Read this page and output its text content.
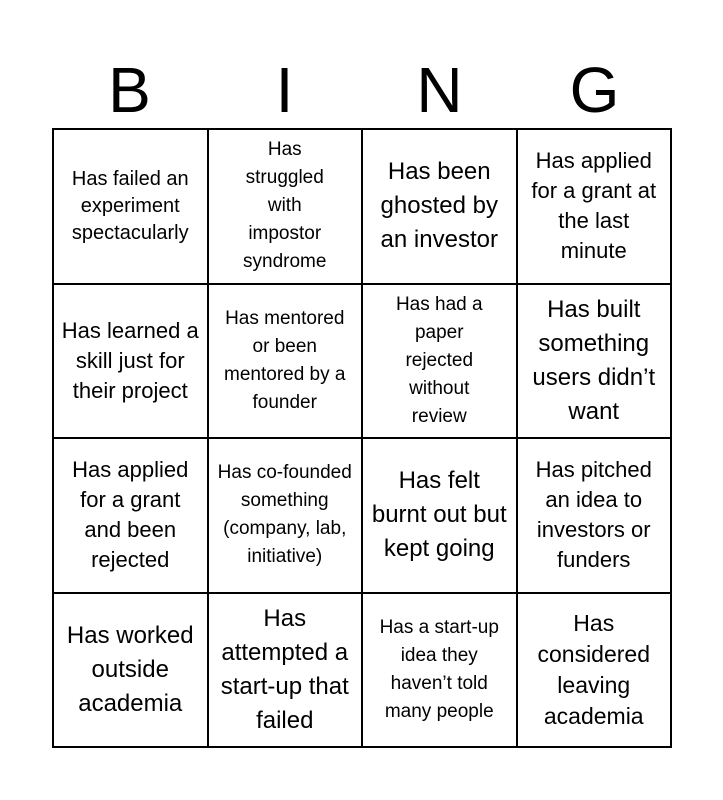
B	I	N	G
Has failed an experiment spectacularly
Has struggled with impostor syndrome
Has been ghosted by an investor
Has applied for a grant at the last minute
Has learned a skill just for their project
Has mentored or been mentored by a founder
Has had a paper rejected without review
Has built something users didn’t want
Has applied for a grant and been rejected
Has co-founded something (company, lab, initiative)
Has felt burnt out but kept going
Has pitched an idea to investors or funders
Has worked outside academia
Has attempted a start-up that failed
Has a start-up idea they haven’t told many people
Has considered leaving academia
